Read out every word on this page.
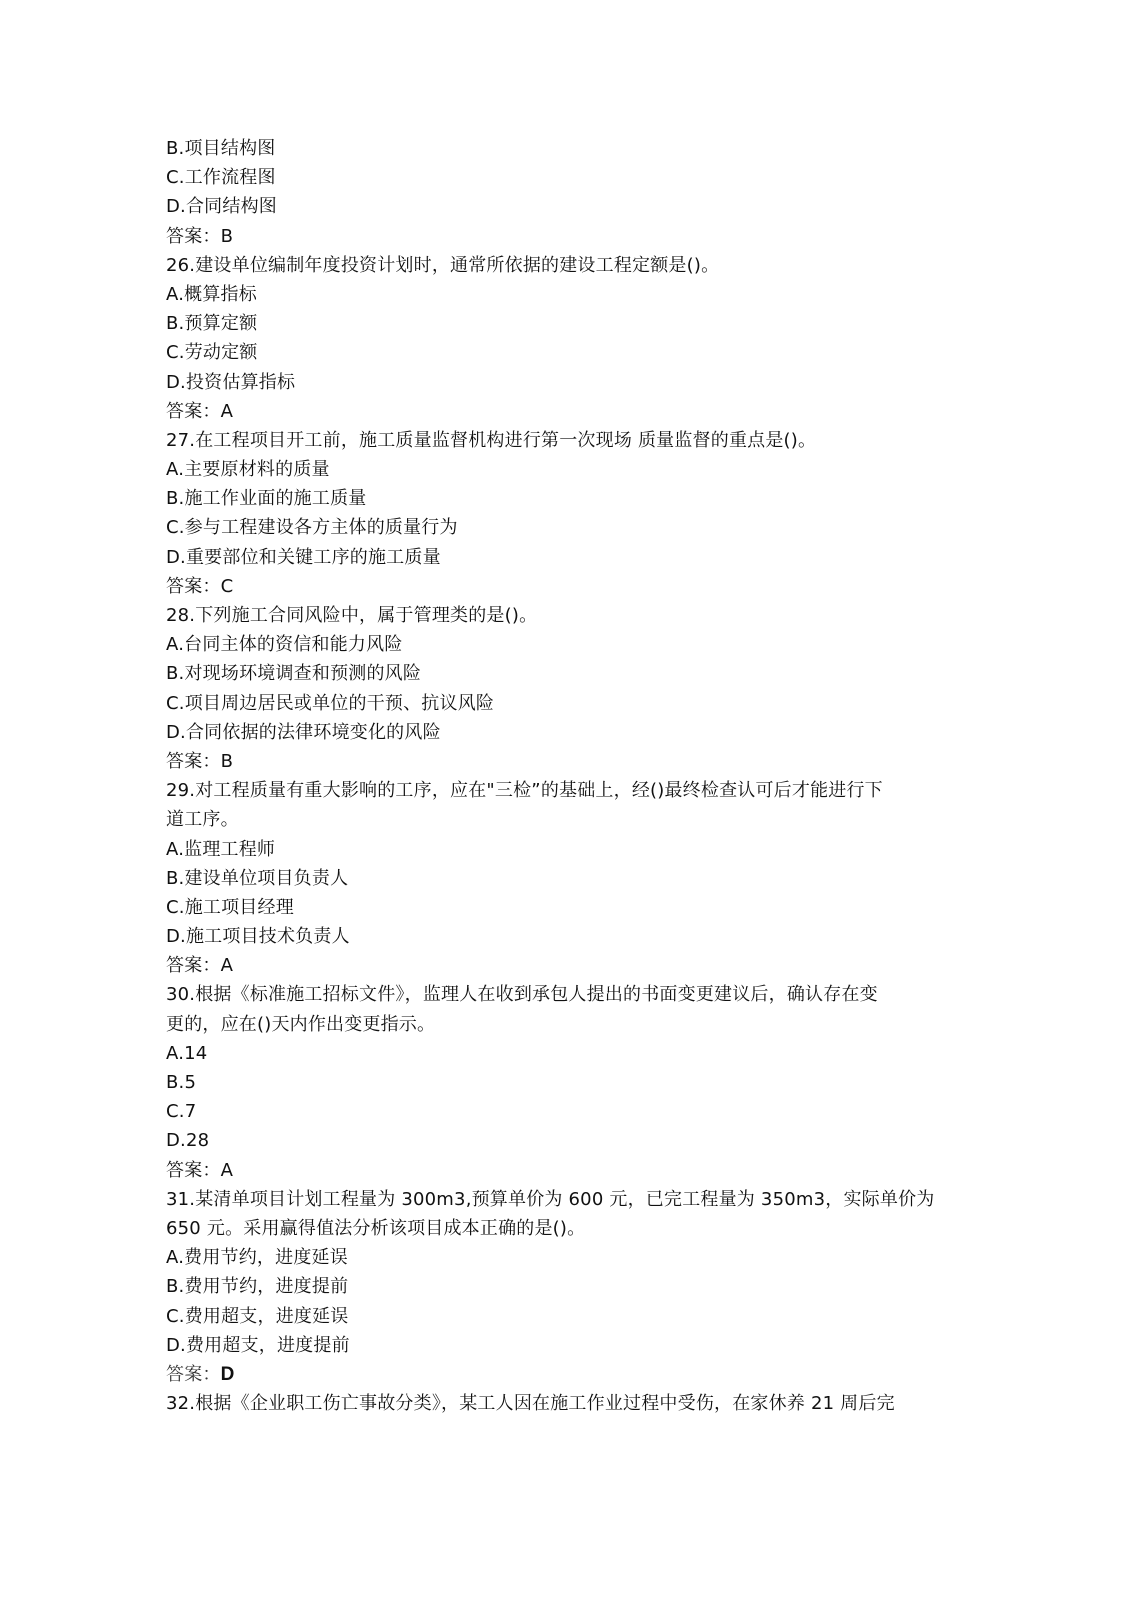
B.项目结构图
C.工作流程图
D.合同结构图
答案：B
26.建设单位编制年度投资计划时，通常所依据的建设工程定额是()。
A.概算指标
B.预算定额
C.劳动定额
D.投资估算指标
答案：A
27.在工程项目开工前，施工质量监督机构进行第一次现场 质量监督的重点是()。
A.主要原材料的质量
B.施工作业面的施工质量
C.参与工程建设各方主体的质量行为
D.重要部位和关键工序的施工质量
答案：C
28.下列施工合同风险中，属于管理类的是()。
A.台同主体的资信和能力风险
B.对现场环境调查和预测的风险
C.项目周边居民或单位的干预、抗议风险
D.合同依据的法律环境变化的风险
答案：B
29.对工程质量有重大影响的工序，应在"三检”的基础上，经()最终检查认可后才能进行下
道工序。
A.监理工程师
B.建设单位项目负责人
C.施工项目经理
D.施工项目技术负责人
答案：A
30.根据《标准施工招标文件》，监理人在收到承包人提出的书面变更建议后，确认存在变
更的，应在()天内作出变更指示。
A.14
B.5
C.7
D.28
答案：A
31.某清单项目计划工程量为 300m3,预算单价为 600 元，已完工程量为 350m3，实际单价为
650 元。采用赢得值法分析该项目成本正确的是()。
A.费用节约，进度延误
B.费用节约，进度提前
C.费用超支，进度延误
D.费用超支，进度提前
答案：D
32.根据《企业职工伤亡事故分类》，某工人因在施工作业过程中受伤，在家休养 21 周后完
